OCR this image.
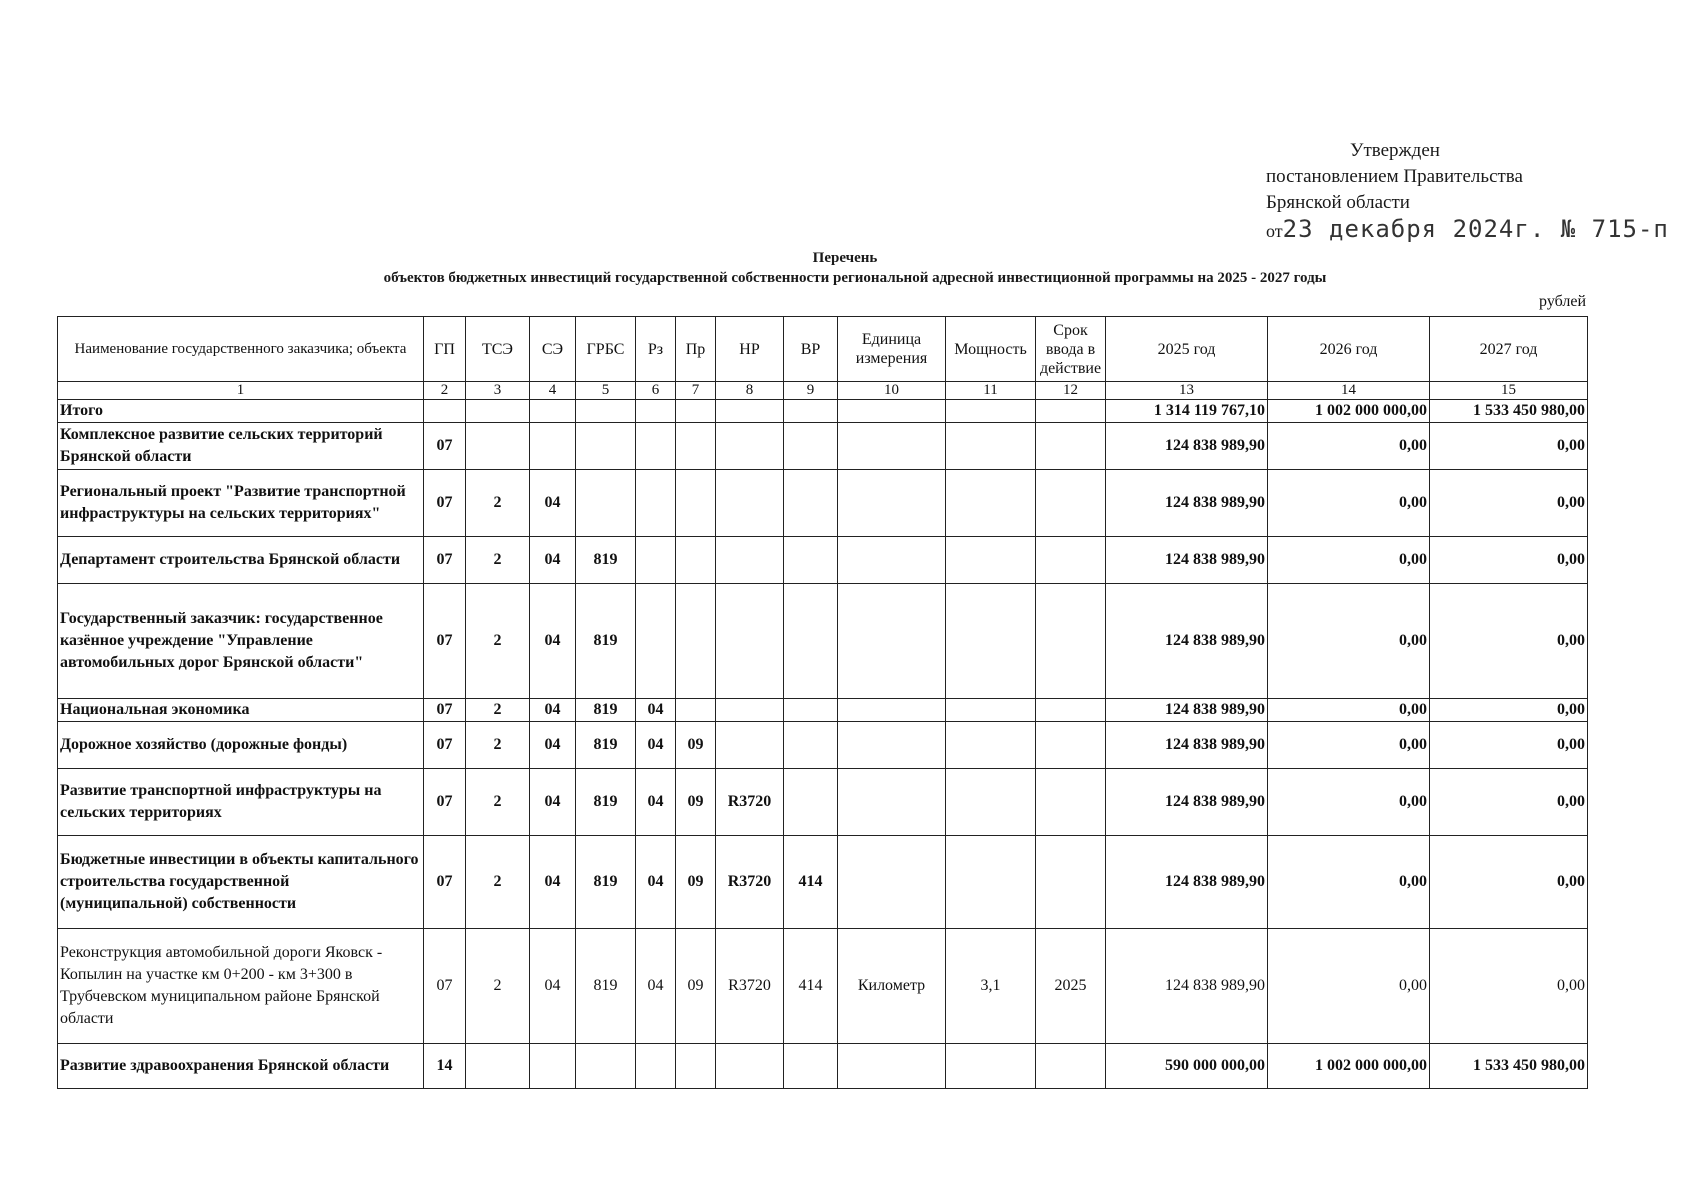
Утвержден
постановлением Правительства
Брянской области
от23 декабря 2024г. № 715-п
Перечень
объектов бюджетных инвестиций государственной собственности региональной адресной инвестиционной программы на 2025 - 2027 годы
рублей
Наименование государственного заказчика; объекта	ГП	ТСЭ	СЭ	ГРБС	Рз	Пр	НР	ВР	Единица измерения	Мощность	Срок ввода в действие	2025 год	2026 год	2027 год
1	2	3	4	5	6	7	8	9	10	11	12	13	14	15
Итого												1 314 119 767,10	1 002 000 000,00	1 533 450 980,00
Комплексное развитие сельских территорий Брянской области	07											124 838 989,90	0,00	0,00
Региональный проект "Развитие транспортной инфраструктуры на сельских территориях"	07	2	04									124 838 989,90	0,00	0,00
Департамент строительства Брянской области	07	2	04	819								124 838 989,90	0,00	0,00
Государственный заказчик: государственное казённое учреждение "Управление автомобильных дорог Брянской области"	07	2	04	819								124 838 989,90	0,00	0,00
Национальная экономика	07	2	04	819	04							124 838 989,90	0,00	0,00
Дорожное хозяйство (дорожные фонды)	07	2	04	819	04	09						124 838 989,90	0,00	0,00
Развитие транспортной инфраструктуры на сельских территориях	07	2	04	819	04	09	R3720					124 838 989,90	0,00	0,00
Бюджетные инвестиции в объекты капитального строительства государственной (муниципальной) собственности	07	2	04	819	04	09	R3720	414				124 838 989,90	0,00	0,00
Реконструкция автомобильной дороги Яковск - Копылин на участке км 0+200 - км 3+300 в Трубчевском муниципальном районе Брянской области	07	2	04	819	04	09	R3720	414	Километр	3,1	2025	124 838 989,90	0,00	0,00
Развитие здравоохранения Брянской области	14											590 000 000,00	1 002 000 000,00	1 533 450 980,00
